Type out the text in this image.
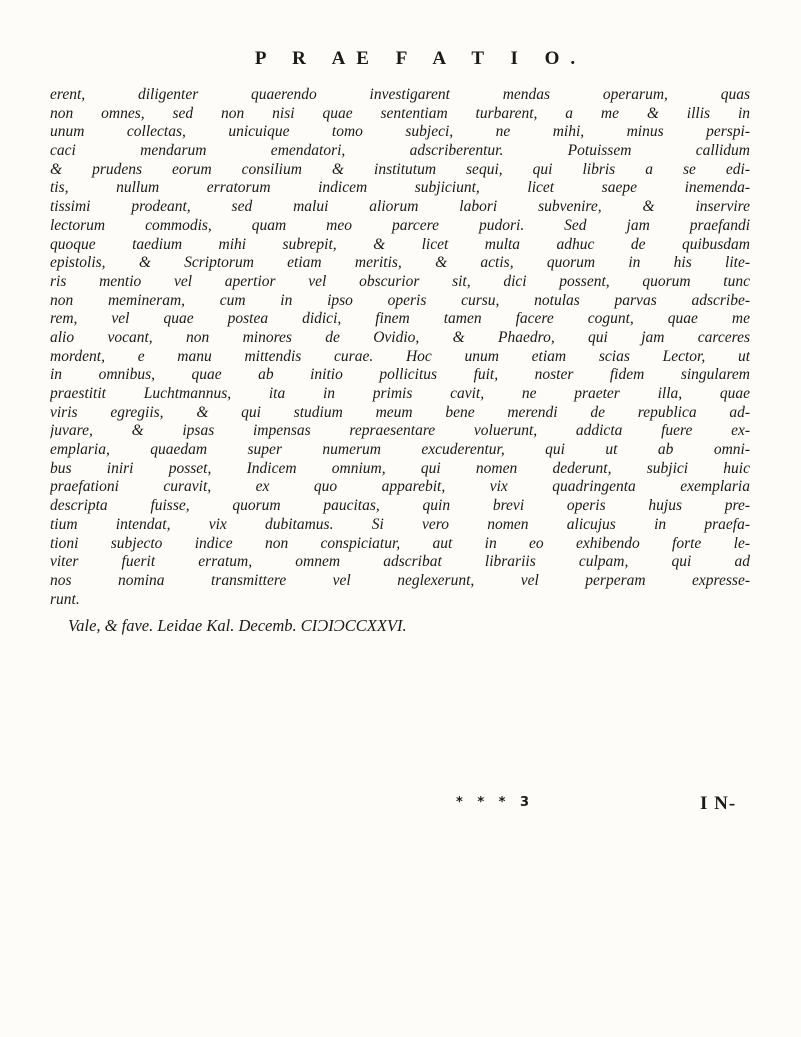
P R AE F A T I O.
erent, diligenter quaerendo investigarent mendas operarum, quas
non omnes, sed non nisi quae sententiam turbarent, a me & illis in
unum collectas, unicuique tomo subjeci, ne mihi, minus perspi-
caci mendarum emendatori, adscriberentur. Potuissem callidum
& prudens eorum consilium & institutum sequi, qui libris a se edi-
tis, nullum erratorum indicem subjiciunt, licet saepe inemenda-
tissimi prodeant, sed malui aliorum labori subvenire, & inservire
lectorum commodis, quam meo parcere pudori. Sed jam praefandi
quoque taedium mihi subrepit, & licet multa adhuc de quibusdam
epistolis, & Scriptorum etiam meritis, & actis, quorum in his lite-
ris mentio vel apertior vel obscurior sit, dici possent, quorum tunc
non memineram, cum in ipso operis cursu, notulas parvas adscribe-
rem, vel quae postea didici, finem tamen facere cogunt, quae me
alio vocant, non minores de Ovidio, & Phaedro, qui jam carceres
mordent, e manu mittendis curae. Hoc unum etiam scias Lector, ut
in omnibus, quae ab initio pollicitus fuit, noster fidem singularem
praestitit Luchtmannus, ita in primis cavit, ne praeter illa, quae
viris egregiis, & qui studium meum bene merendi de republica ad-
juvare, & ipsas impensas repraesentare voluerunt, addicta fuere ex-
emplaria, quaedam super numerum excuderentur, qui ut ab omni-
bus iniri posset, Indicem omnium, qui nomen dederunt, subjici huic
praefationi curavit, ex quo apparebit, vix quadringenta exemplaria
descripta fuisse, quorum paucitas, quin brevi operis hujus pre-
tium intendat, vix dubitamus. Si vero nomen alicujus in praefa-
tioni subjecto indice non conspiciatur, aut in eo exhibendo forte le-
viter fuerit erratum, omnem adscribat librariis culpam, qui ad
nos nomina transmittere vel neglexerunt, vel perperam expresse-
runt.
Vale, & fave. Leidae Kal. Decemb. CIƆIƆCCXXVI.
* * * 3	I N-
